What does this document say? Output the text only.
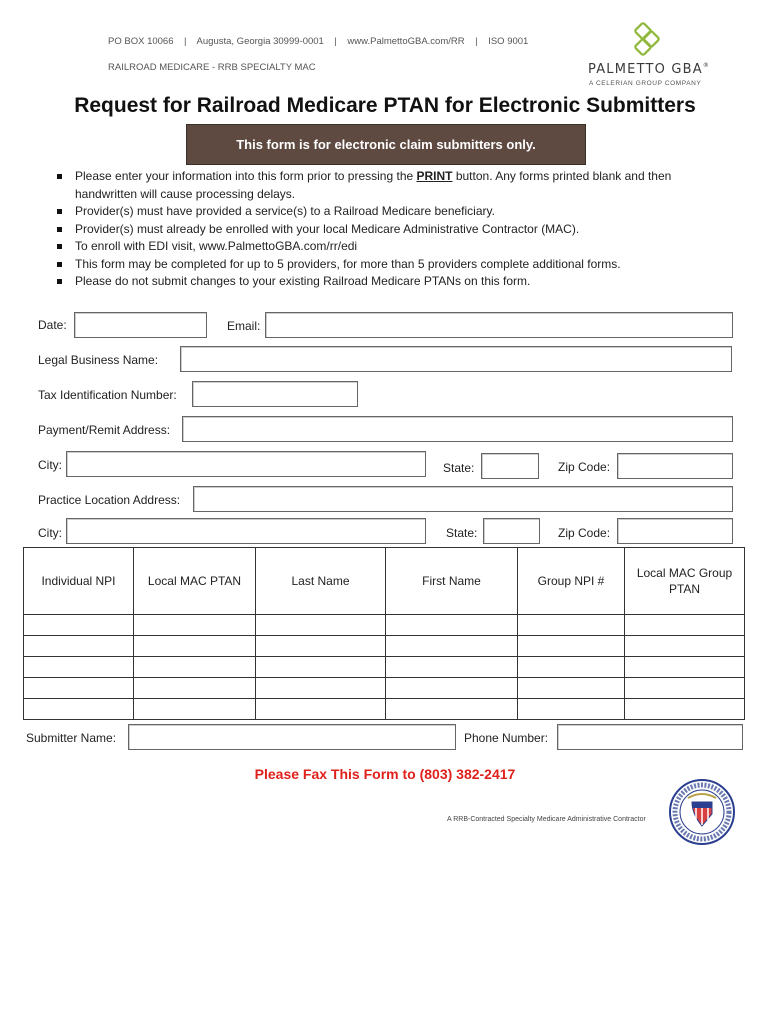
PO BOX 10066    |    Augusta, Georgia 30999-0001    |    www.PalmettoGBA.com/RR    |    ISO 9001
RAILROAD MEDICARE - RRB SPECIALTY MAC	PALMETTO GBA®
A CELERIAN GROUP COMPANY
Request for Railroad Medicare PTAN for Electronic Submitters
This form is for electronic claim submitters only.
Please enter your information into this form prior to pressing the PRINT button. Any forms printed blank and then handwritten will cause processing delays.
Provider(s) must have provided a service(s) to a Railroad Medicare beneficiary.
Provider(s) must already be enrolled with your local Medicare Administrative Contractor (MAC).
To enroll with EDI visit, www.PalmettoGBA.com/rr/edi
This form may be completed for up to 5 providers, for more than 5 providers complete additional forms.
Please do not submit changes to your existing Railroad Medicare PTANs on this form.
Date:	Email:
Legal Business Name:
Tax Identification Number:
Payment/Remit Address:
City:	State:	Zip Code:
Practice Location Address:
City:	State:	Zip Code:
Individual NPI	Local MAC PTAN	Last Name	First Name	Group NPI #	Local MAC Group PTAN

Submitter Name:	Phone Number:
Please Fax This Form to (803) 382-2417
A RRB-Contracted Specialty Medicare Administrative Contractor
